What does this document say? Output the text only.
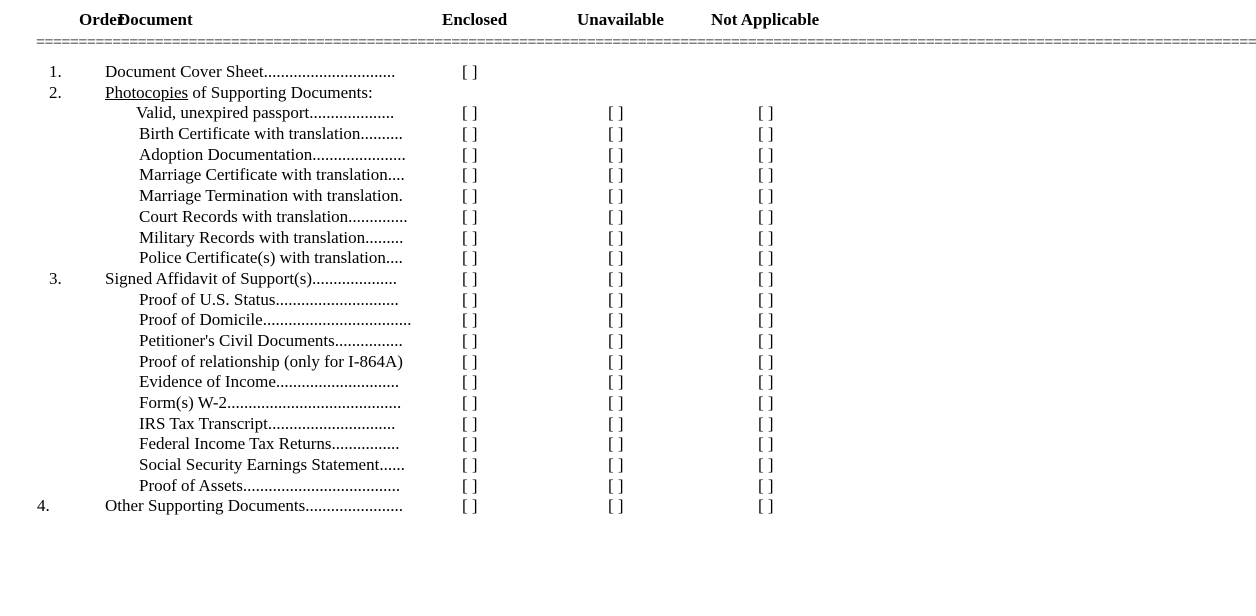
Order
Document	Enclosed	Unavailable	Not Applicable
================================================================================================================================================
1.	Document Cover Sheet...............................	[ ]
2.	Photocopies of Supporting Documents:
Valid, unexpired passport....................	[ ]	[ ]	[ ]
Birth Certificate with translation..........	[ ]	[ ]	[ ]
Adoption Documentation......................	[ ]	[ ]	[ ]
Marriage Certificate with translation....	[ ]	[ ]	[ ]
Marriage Termination with translation.	[ ]	[ ]	[ ]
Court Records with translation..............	[ ]	[ ]	[ ]
Military Records with translation.........	[ ]	[ ]	[ ]
Police Certificate(s) with translation....	[ ]	[ ]	[ ]
3.	Signed Affidavit of Support(s)....................	[ ]	[ ]	[ ]
Proof of U.S. Status.............................	[ ]	[ ]	[ ]
Proof of Domicile...................................	[ ]	[ ]	[ ]
Petitioner's Civil Documents................	[ ]	[ ]	[ ]
Proof of relationship (only for I-864A)	[ ]	[ ]	[ ]
Evidence of Income.............................	[ ]	[ ]	[ ]
Form(s) W-2.........................................	[ ]	[ ]	[ ]
IRS Tax Transcript..............................	[ ]	[ ]	[ ]
Federal Income Tax Returns................	[ ]	[ ]	[ ]
Social Security Earnings Statement......	[ ]	[ ]	[ ]
Proof of Assets.....................................	[ ]	[ ]	[ ]
4.	Other Supporting Documents.......................	[ ]	[ ]	[ ]
